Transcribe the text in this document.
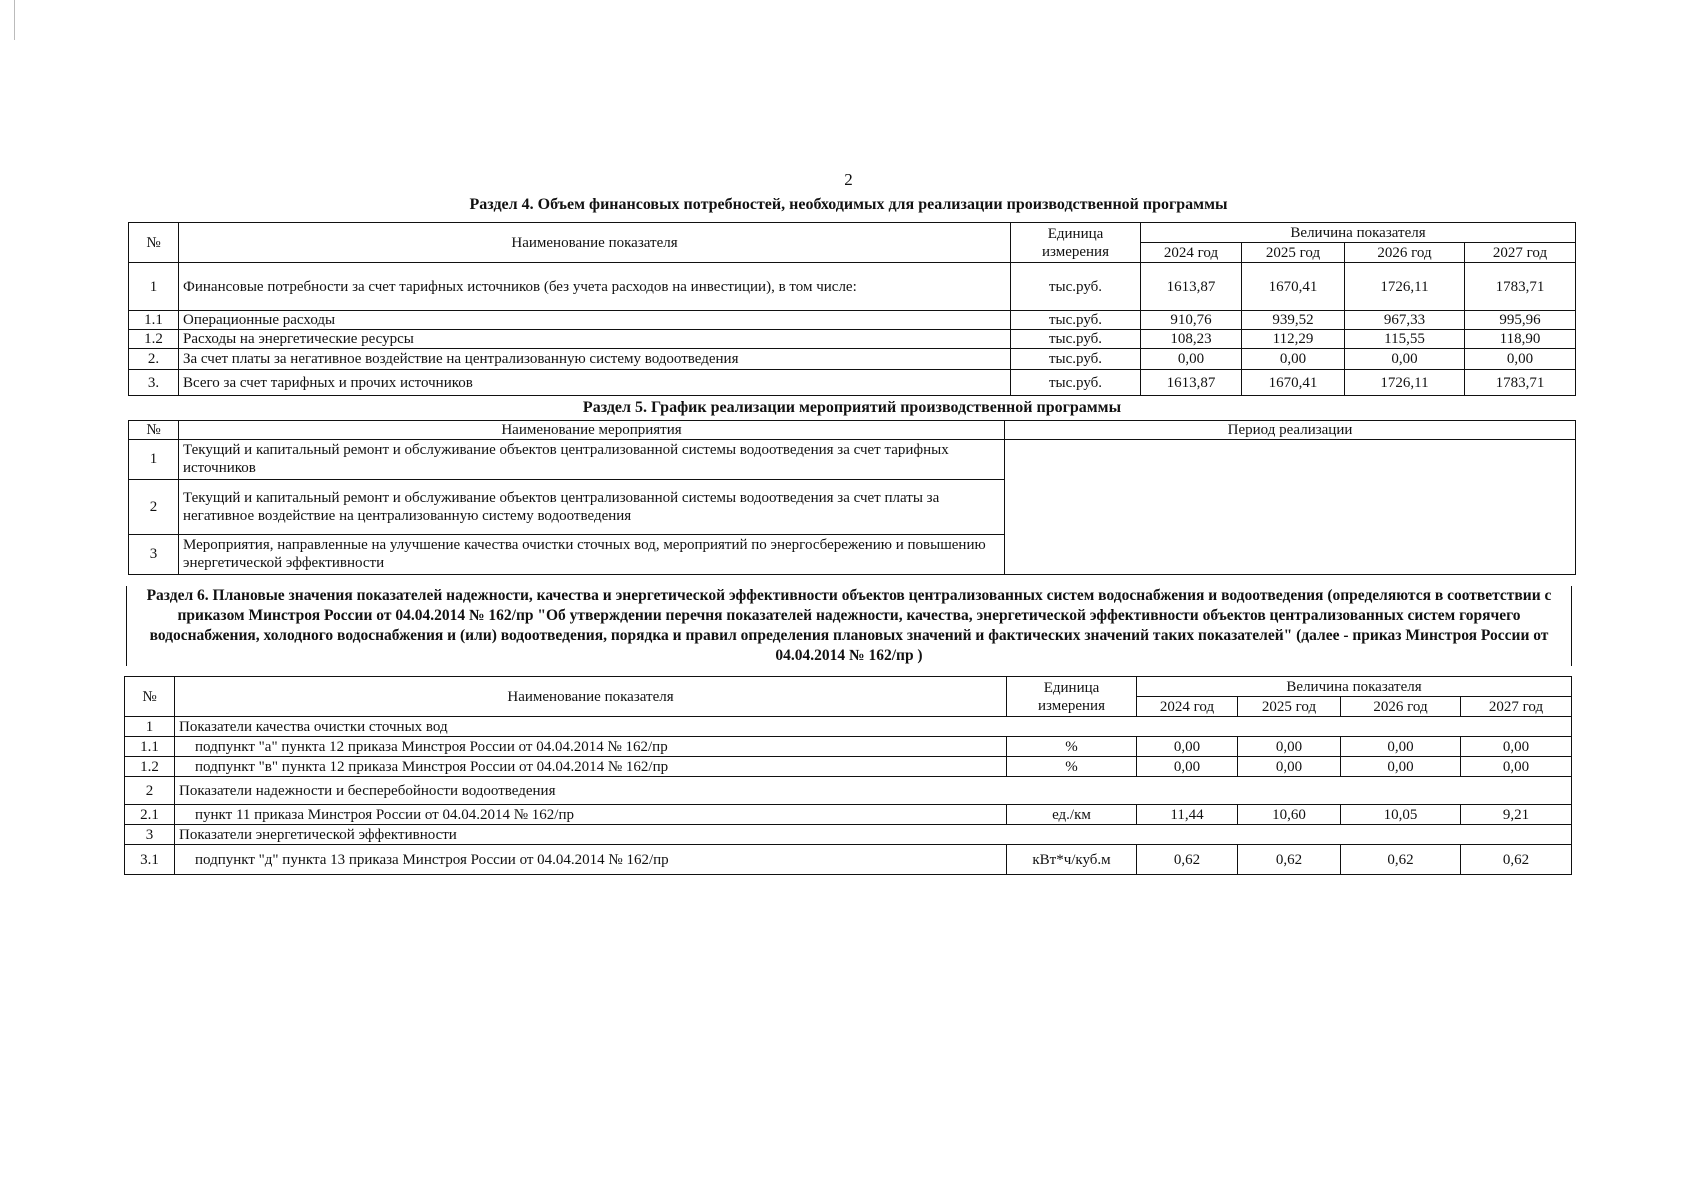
2
Раздел 4. Объем финансовых потребностей, необходимых для реализации производственной программы
№	Наименование показателя	Единица измерения	Величина показателя			
			2024 год	2025 год	2026 год	2027 год
1	Финансовые потребности за счет тарифных источников (без учета расходов на инвестиции), в том числе:	тыс.руб.	1613,87	1670,41	1726,11	1783,71
1.1	Операционные расходы	тыс.руб.	910,76	939,52	967,33	995,96
1.2	Расходы на энергетические ресурсы	тыс.руб.	108,23	112,29	115,55	118,90
2.	За счет платы за негативное воздействие на централизованную систему водоотведения	тыс.руб.	0,00	0,00	0,00	0,00
3.	Всего за счет тарифных и прочих источников	тыс.руб.	1613,87	1670,41	1726,11	1783,71
Раздел 5. График реализации мероприятий производственной программы		
№	Наименование мероприятия	Период реализации
1	Текущий и капитальный ремонт и обслуживание объектов централизованной системы водоотведения за счет тарифных источников	
2	Текущий и капитальный ремонт и обслуживание объектов централизованной системы водоотведения за счет платы за негативное воздействие на централизованную систему водоотведения	
3	Мероприятия, направленные на улучшение качества очистки сточных вод, мероприятий по энергосбережению и повышению энергетической эффективности	
Раздел 6. Плановые значения показателей надежности, качества и энергетической эффективности объектов централизованных систем водоснабжения и водоотведения (определяются в соответствии с приказом Минстроя России от 04.04.2014 № 162/пр "Об утверждении перечня показателей надежности, качества, энергетической эффективности объектов централизованных систем горячего водоснабжения, холодного водоснабжения и (или) водоотведения, порядка и правил определения плановых значений и фактических значений таких показателей" (далее - приказ Минстроя России от 04.04.2014 № 162/пр )
№	Наименование показателя	Единица измерения	Величина показателя			
			2024 год	2025 год	2026 год	2027 год
1	Показатели качества очистки сточных вод					
1.1	подпункт "а" пункта 12 приказа Минстроя России от 04.04.2014 № 162/пр	%	0,00	0,00	0,00	0,00
1.2	подпункт "в" пункта 12 приказа Минстроя России от 04.04.2014 № 162/пр	%	0,00	0,00	0,00	0,00
2	Показатели надежности и бесперебойности водоотведения					
2.1	пункт 11 приказа Минстроя России от 04.04.2014 № 162/пр	ед./км	11,44	10,60	10,05	9,21
3	Показатели энергетической эффективности					
3.1	подпункт "д" пункта 13 приказа Минстроя России от 04.04.2014 № 162/пр	кВт*ч/куб.м	0,62	0,62	0,62	0,62
